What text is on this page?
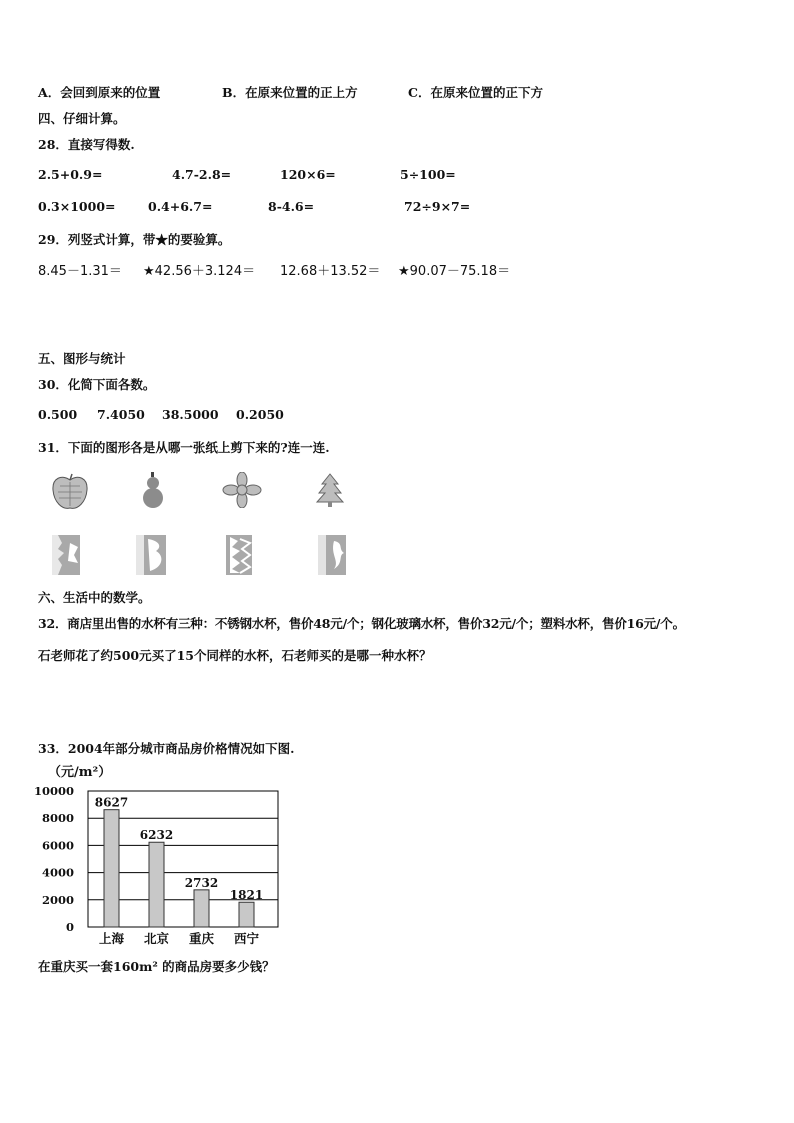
A．会回到原来的位置	B．在原来位置的正上方	C．在原来位置的正下方
四、仔细计算。
28．直接写得数.
2.5+0.9=	4.7-2.8=	120×6=	5÷100=
0.3×1000=	0.4+6.7=	8-4.6=	72÷9×7=
29．列竖式计算，带★的要验算。
8.45－1.31＝ ★42.56＋3.124＝ 12.68＋13.52＝ ★90.07－75.18＝
五、图形与统计
30．化简下面各数。
0.500 7.4050 38.5000 0.2050
31．下面的图形各是从哪一张纸上剪下来的?连一连.
六、生活中的数学。
32．商店里出售的水杯有三种：不锈钢水杯，售价48元/个；钢化玻璃水杯，售价32元/个；塑料水杯，售价16元/个。
石老师花了约500元买了15个同样的水杯，石老师买的是哪一种水杯？
33．2004年部分城市商品房价格情况如下图.
（元/m²）
0
2000
4000
6000
8000
10000
8627
上海
6232
北京
2732
重庆
1821
西宁
在重庆买一套160m² 的商品房要多少钱？
